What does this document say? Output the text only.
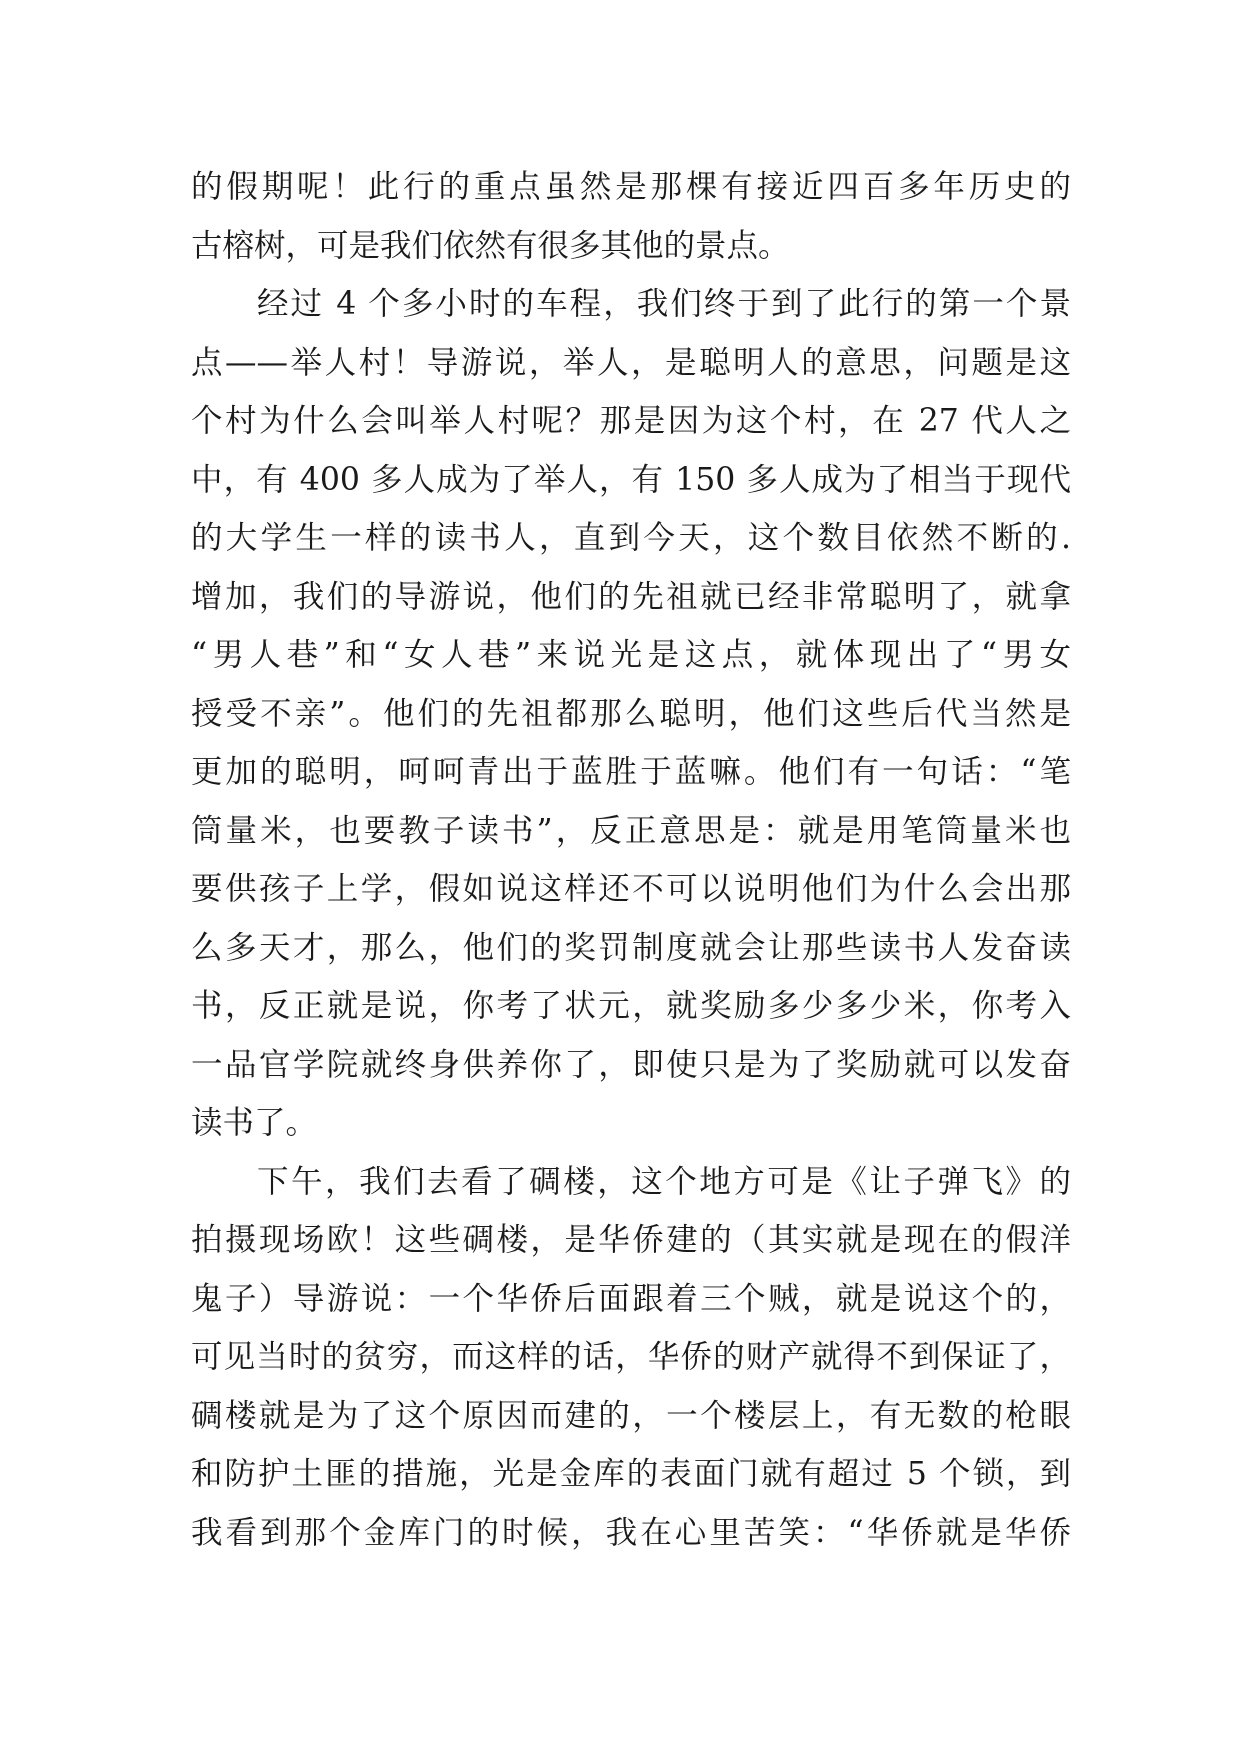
的假期呢！此行的重点虽然是那棵有接近四百多年历史的
古榕树，可是我们依然有很多其他的景点。
经过 4 个多小时的车程，我们终于到了此行的第一个景
点——举人村！导游说，举人，是聪明人的意思，问题是这
个村为什么会叫举人村呢？那是因为这个村，在 27 代人之
中，有 400 多人成为了举人，有 150 多人成为了相当于现代
的大学生一样的读书人，直到今天，这个数目依然不断的.
增加，我们的导游说，他们的先祖就已经非常聪明了，就拿
“男人巷”和“女人巷”来说光是这点，就体现出了“男女
授受不亲”。他们的先祖都那么聪明，他们这些后代当然是
更加的聪明，呵呵青出于蓝胜于蓝嘛。他们有一句话：“笔
筒量米，也要教子读书”，反正意思是：就是用笔筒量米也
要供孩子上学，假如说这样还不可以说明他们为什么会出那
么多天才，那么，他们的奖罚制度就会让那些读书人发奋读
书，反正就是说，你考了状元，就奖励多少多少米，你考入
一品官学院就终身供养你了，即使只是为了奖励就可以发奋
读书了。
下午，我们去看了碉楼，这个地方可是《让子弹飞》的
拍摄现场欧！这些碉楼，是华侨建的（其实就是现在的假洋
鬼子）导游说：一个华侨后面跟着三个贼，就是说这个的，
可见当时的贫穷，而这样的话，华侨的财产就得不到保证了，
碉楼就是为了这个原因而建的，一个楼层上，有无数的枪眼
和防护土匪的措施，光是金库的表面门就有超过 5 个锁，到
我看到那个金库门的时候，我在心里苦笑：“华侨就是华侨
